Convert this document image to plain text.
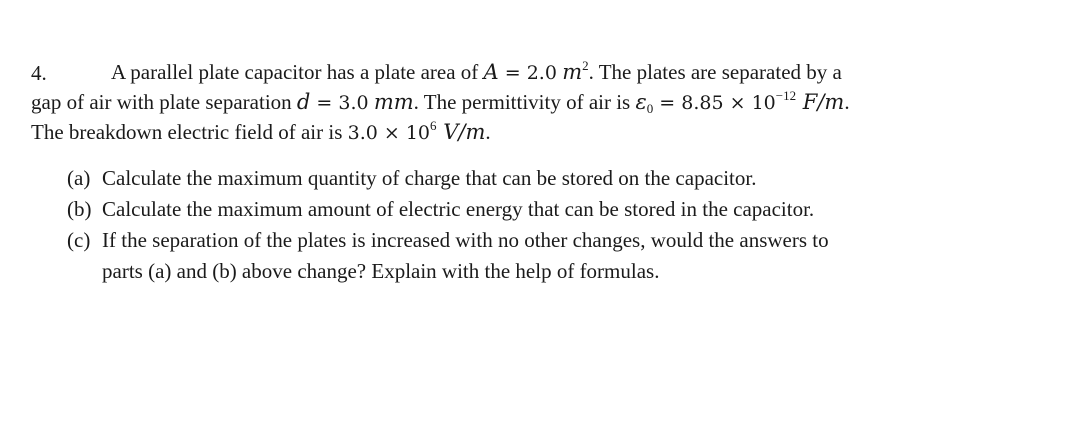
4.	A parallel plate capacitor has a plate area of A = 2.0 $m^2$. The plates are separated by a
gap of air with plate separation d = 3.0 mm. The permittivity of air is $\varepsilon_0 = 8.85 \times 10^{-12}$ F/m.
The breakdown electric field of air is $3.0 \times 10^6$ V/m.
(a) Calculate the maximum quantity of charge that can be stored on the capacitor.
(b) Calculate the maximum amount of electric energy that can be stored in the capacitor.
(c) If the separation of the plates is increased with no other changes, would the answers to
parts (a) and (b) above change? Explain with the help of formulas.
